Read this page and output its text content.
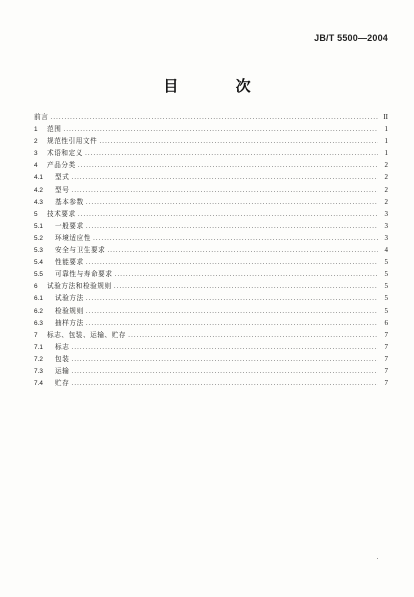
JB/T 5500—2004
目 次
前言 .....	II
1	范围 .....	1
2	规范性引用文件 .....	1
3	术语和定义 .....	1
4	产品分类 .....	2
4.1	型式 .....	2
4.2	型号 .....	2
4.3	基本参数 .....	2
5	技术要求 .....	3
5.1	一般要求 .....	3
5.2	环境适应性 .....	3
5.3	安全与卫生要求 .....	4
5.4	性能要求 .....	5
5.5	可靠性与寿命要求 .....	5
6	试验方法和检验规则 .....	5
6.1	试验方法 .....	5
6.2	检验规则 .....	5
6.3	抽样方法 .....	6
7	标志、包装、运输、贮存 .....	7
7.1	标志 .....	7
7.2	包装 .....	7
7.3	运输 .....	7
7.4	贮存 .....	7
